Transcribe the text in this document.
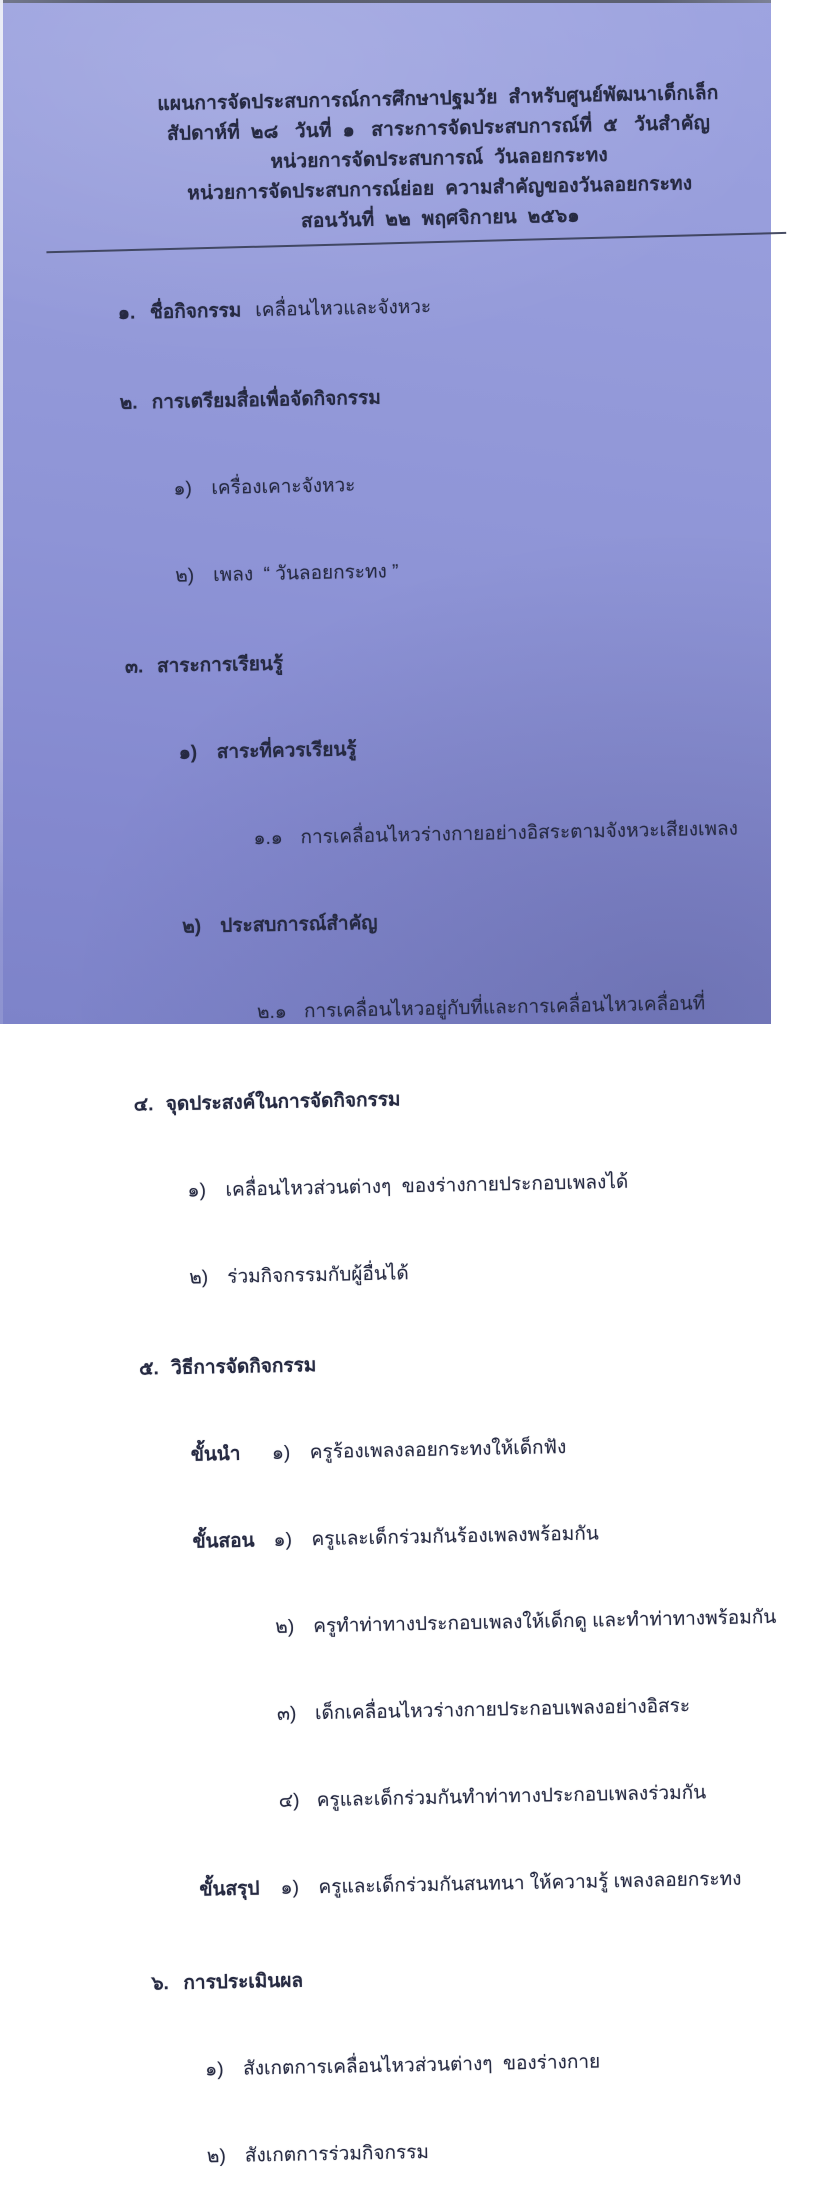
แผนการจัดประสบการณ์การศึกษาปฐมวัย  สำหรับศูนย์พัฒนาเด็กเล็ก
สัปดาห์ที่  ๒๘   วันที่  ๑   สาระการจัดประสบการณ์ที่  ๕   วันสำคัญ
หน่วยการจัดประสบการณ์  วันลอยกระทง
หน่วยการจัดประสบการณ์ย่อย  ความสำคัญของวันลอยกระทง
สอนวันที่  ๒๒  พฤศจิกายน  ๒๕๖๑

๑. ชื่อกิจกรรม เคลื่อนไหวและจังหวะ

๒. การเตรียมสื่อเพื่อจัดกิจกรรม

๑) เครื่องเคาะจังหวะ

๒) เพลง  “ วันลอยกระทง ”

๓. สาระการเรียนรู้

๑) สาระที่ควรเรียนรู้

๑.๑ การเคลื่อนไหวร่างกายอย่างอิสระตามจังหวะเสียงเพลง

๒) ประสบการณ์สำคัญ

๒.๑ การเคลื่อนไหวอยู่กับที่และการเคลื่อนไหวเคลื่อนที่

๔. จุดประสงค์ในการจัดกิจกรรม

๑) เคลื่อนไหวส่วนต่างๆ  ของร่างกายประกอบเพลงได้

๒) ร่วมกิจกรรมกับผู้อื่นได้

๕. วิธีการจัดกิจกรรม

ขั้นนำ ๑) ครูร้องเพลงลอยกระทงให้เด็กฟัง

ขั้นสอน ๑) ครูและเด็กร่วมกันร้องเพลงพร้อมกัน

๒) ครูทำท่าทางประกอบเพลงให้เด็กดู และทำท่าทางพร้อมกัน

๓) เด็กเคลื่อนไหวร่างกายประกอบเพลงอย่างอิสระ

๔) ครูและเด็กร่วมกันทำท่าทางประกอบเพลงร่วมกัน

ขั้นสรุป ๑) ครูและเด็กร่วมกันสนทนา ให้ความรู้ เพลงลอยกระทง

๖. การประเมินผล

๑) สังเกตการเคลื่อนไหวส่วนต่างๆ  ของร่างกาย

๒) สังเกตการร่วมกิจกรรม
